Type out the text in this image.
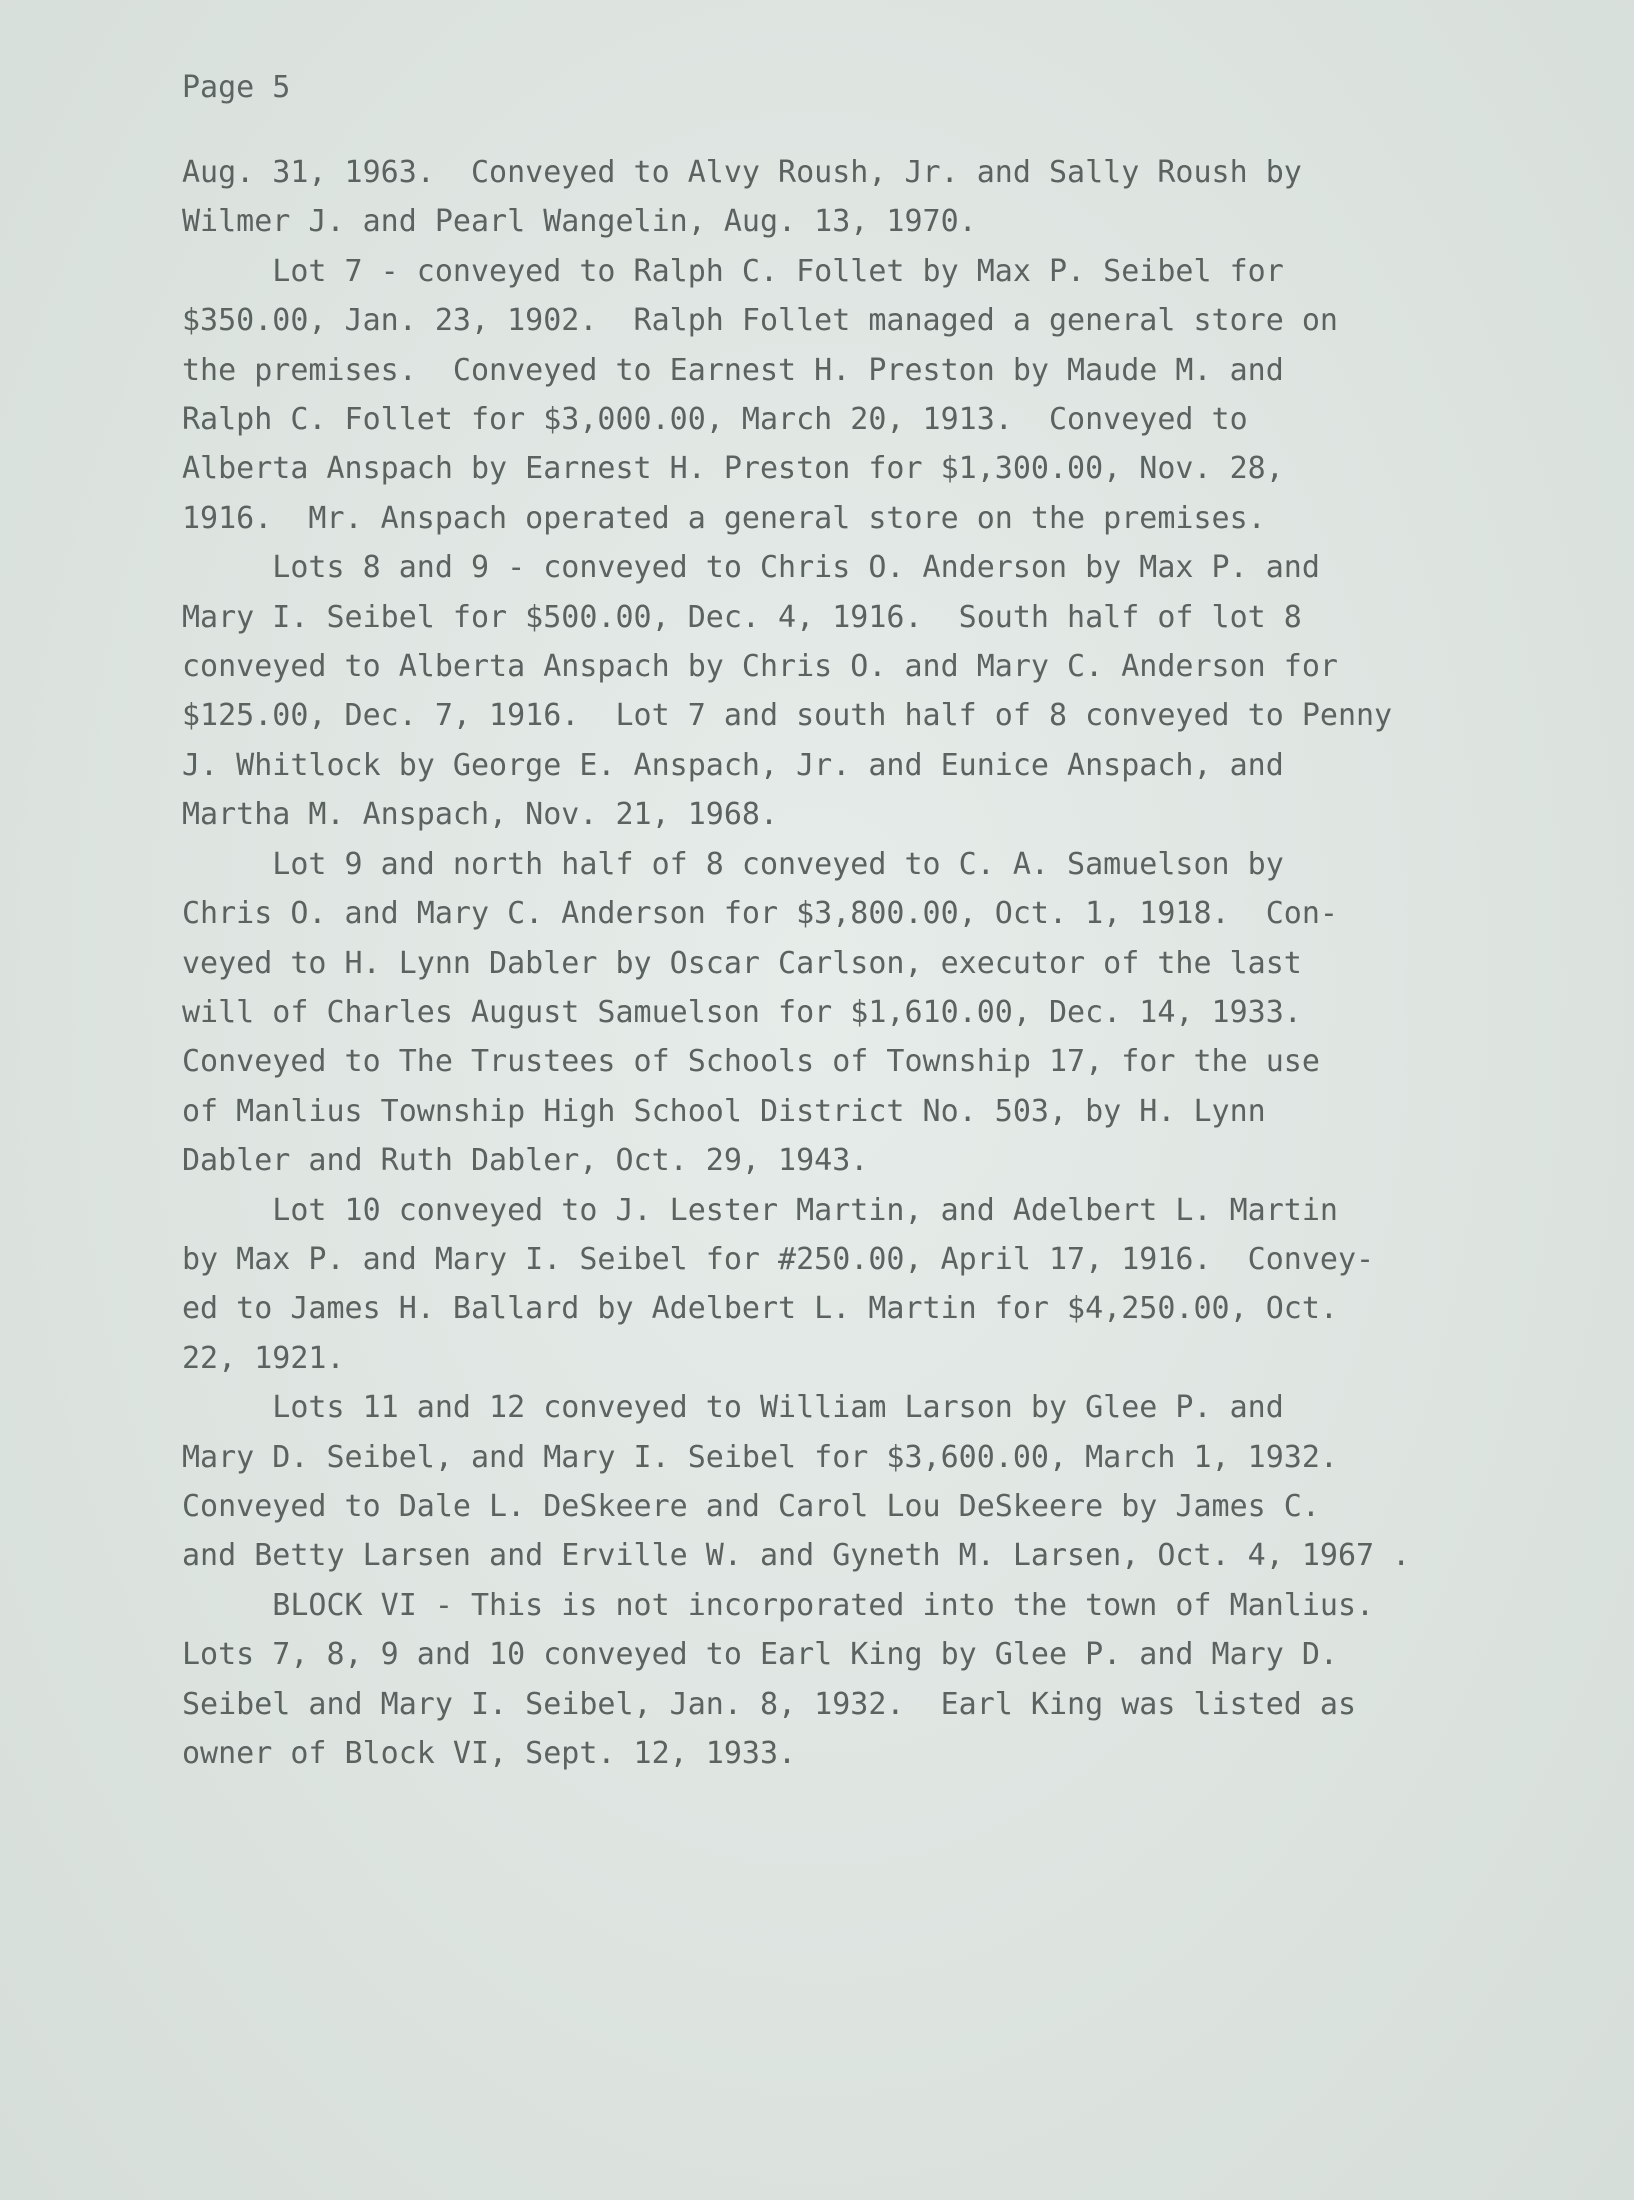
Page 5

Aug. 31, 1963.  Conveyed to Alvy Roush, Jr. and Sally Roush by
Wilmer J. and Pearl Wangelin, Aug. 13, 1970.
Lot 7 - conveyed to Ralph C. Follet by Max P. Seibel for
$350.00, Jan. 23, 1902.  Ralph Follet managed a general store on
the premises.  Conveyed to Earnest H. Preston by Maude M. and
Ralph C. Follet for $3,000.00, March 20, 1913.  Conveyed to
Alberta Anspach by Earnest H. Preston for $1,300.00, Nov. 28,
1916.  Mr. Anspach operated a general store on the premises.
Lots 8 and 9 - conveyed to Chris O. Anderson by Max P. and
Mary I. Seibel for $500.00, Dec. 4, 1916.  South half of lot 8
conveyed to Alberta Anspach by Chris O. and Mary C. Anderson for
$125.00, Dec. 7, 1916.  Lot 7 and south half of 8 conveyed to Penny
J. Whitlock by George E. Anspach, Jr. and Eunice Anspach, and
Martha M. Anspach, Nov. 21, 1968.
Lot 9 and north half of 8 conveyed to C. A. Samuelson by
Chris O. and Mary C. Anderson for $3,800.00, Oct. 1, 1918.  Con-
veyed to H. Lynn Dabler by Oscar Carlson, executor of the last
will of Charles August Samuelson for $1,610.00, Dec. 14, 1933.
Conveyed to The Trustees of Schools of Township 17, for the use
of Manlius Township High School District No. 503, by H. Lynn
Dabler and Ruth Dabler, Oct. 29, 1943.
Lot 10 conveyed to J. Lester Martin, and Adelbert L. Martin
by Max P. and Mary I. Seibel for #250.00, April 17, 1916.  Convey-
ed to James H. Ballard by Adelbert L. Martin for $4,250.00, Oct.
22, 1921.
Lots 11 and 12 conveyed to William Larson by Glee P. and
Mary D. Seibel, and Mary I. Seibel for $3,600.00, March 1, 1932.
Conveyed to Dale L. DeSkeere and Carol Lou DeSkeere by James C.
and Betty Larsen and Erville W. and Gyneth M. Larsen, Oct. 4, 1967 .
BLOCK VI - This is not incorporated into the town of Manlius.
Lots 7, 8, 9 and 10 conveyed to Earl King by Glee P. and Mary D.
Seibel and Mary I. Seibel, Jan. 8, 1932.  Earl King was listed as
owner of Block VI, Sept. 12, 1933.
